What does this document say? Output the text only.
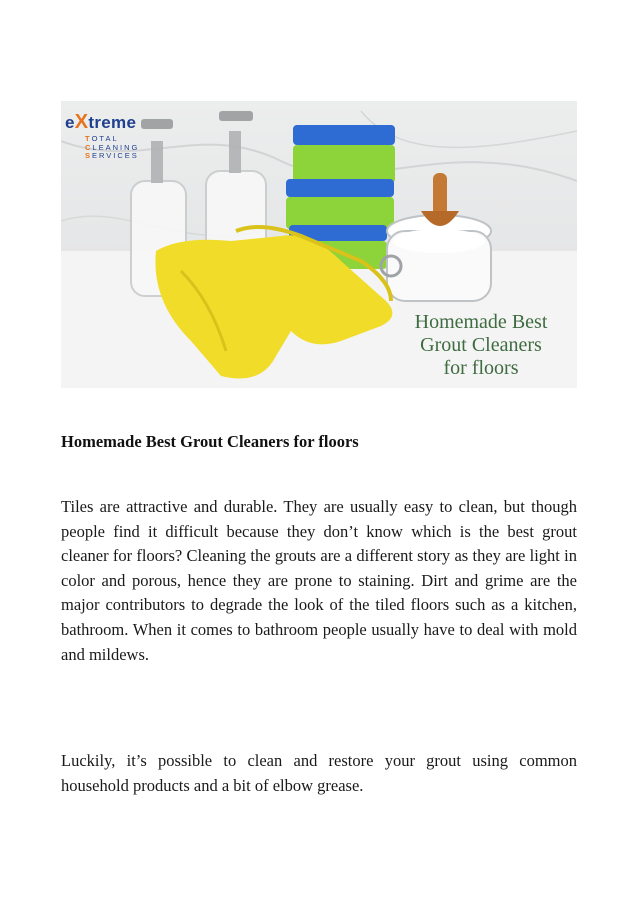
eXtreme
TOTAL
CLEANING
SERVICES
Homemade Best
Grout Cleaners
for floors
Homemade Best Grout Cleaners for floors

Tiles are attractive and durable. They are usually easy to clean, but though people find it difficult because they don’t know which is the best grout cleaner for floors? Cleaning the grouts are a different story as they are light in color and porous, hence they are prone to staining. Dirt and grime are the major contributors to degrade the look of the tiled floors such as a kitchen, bathroom. When it comes to bathroom people usually have to deal with mold and mildews.

Luckily, it’s possible to clean and restore your grout using common household products and a bit of elbow grease.
